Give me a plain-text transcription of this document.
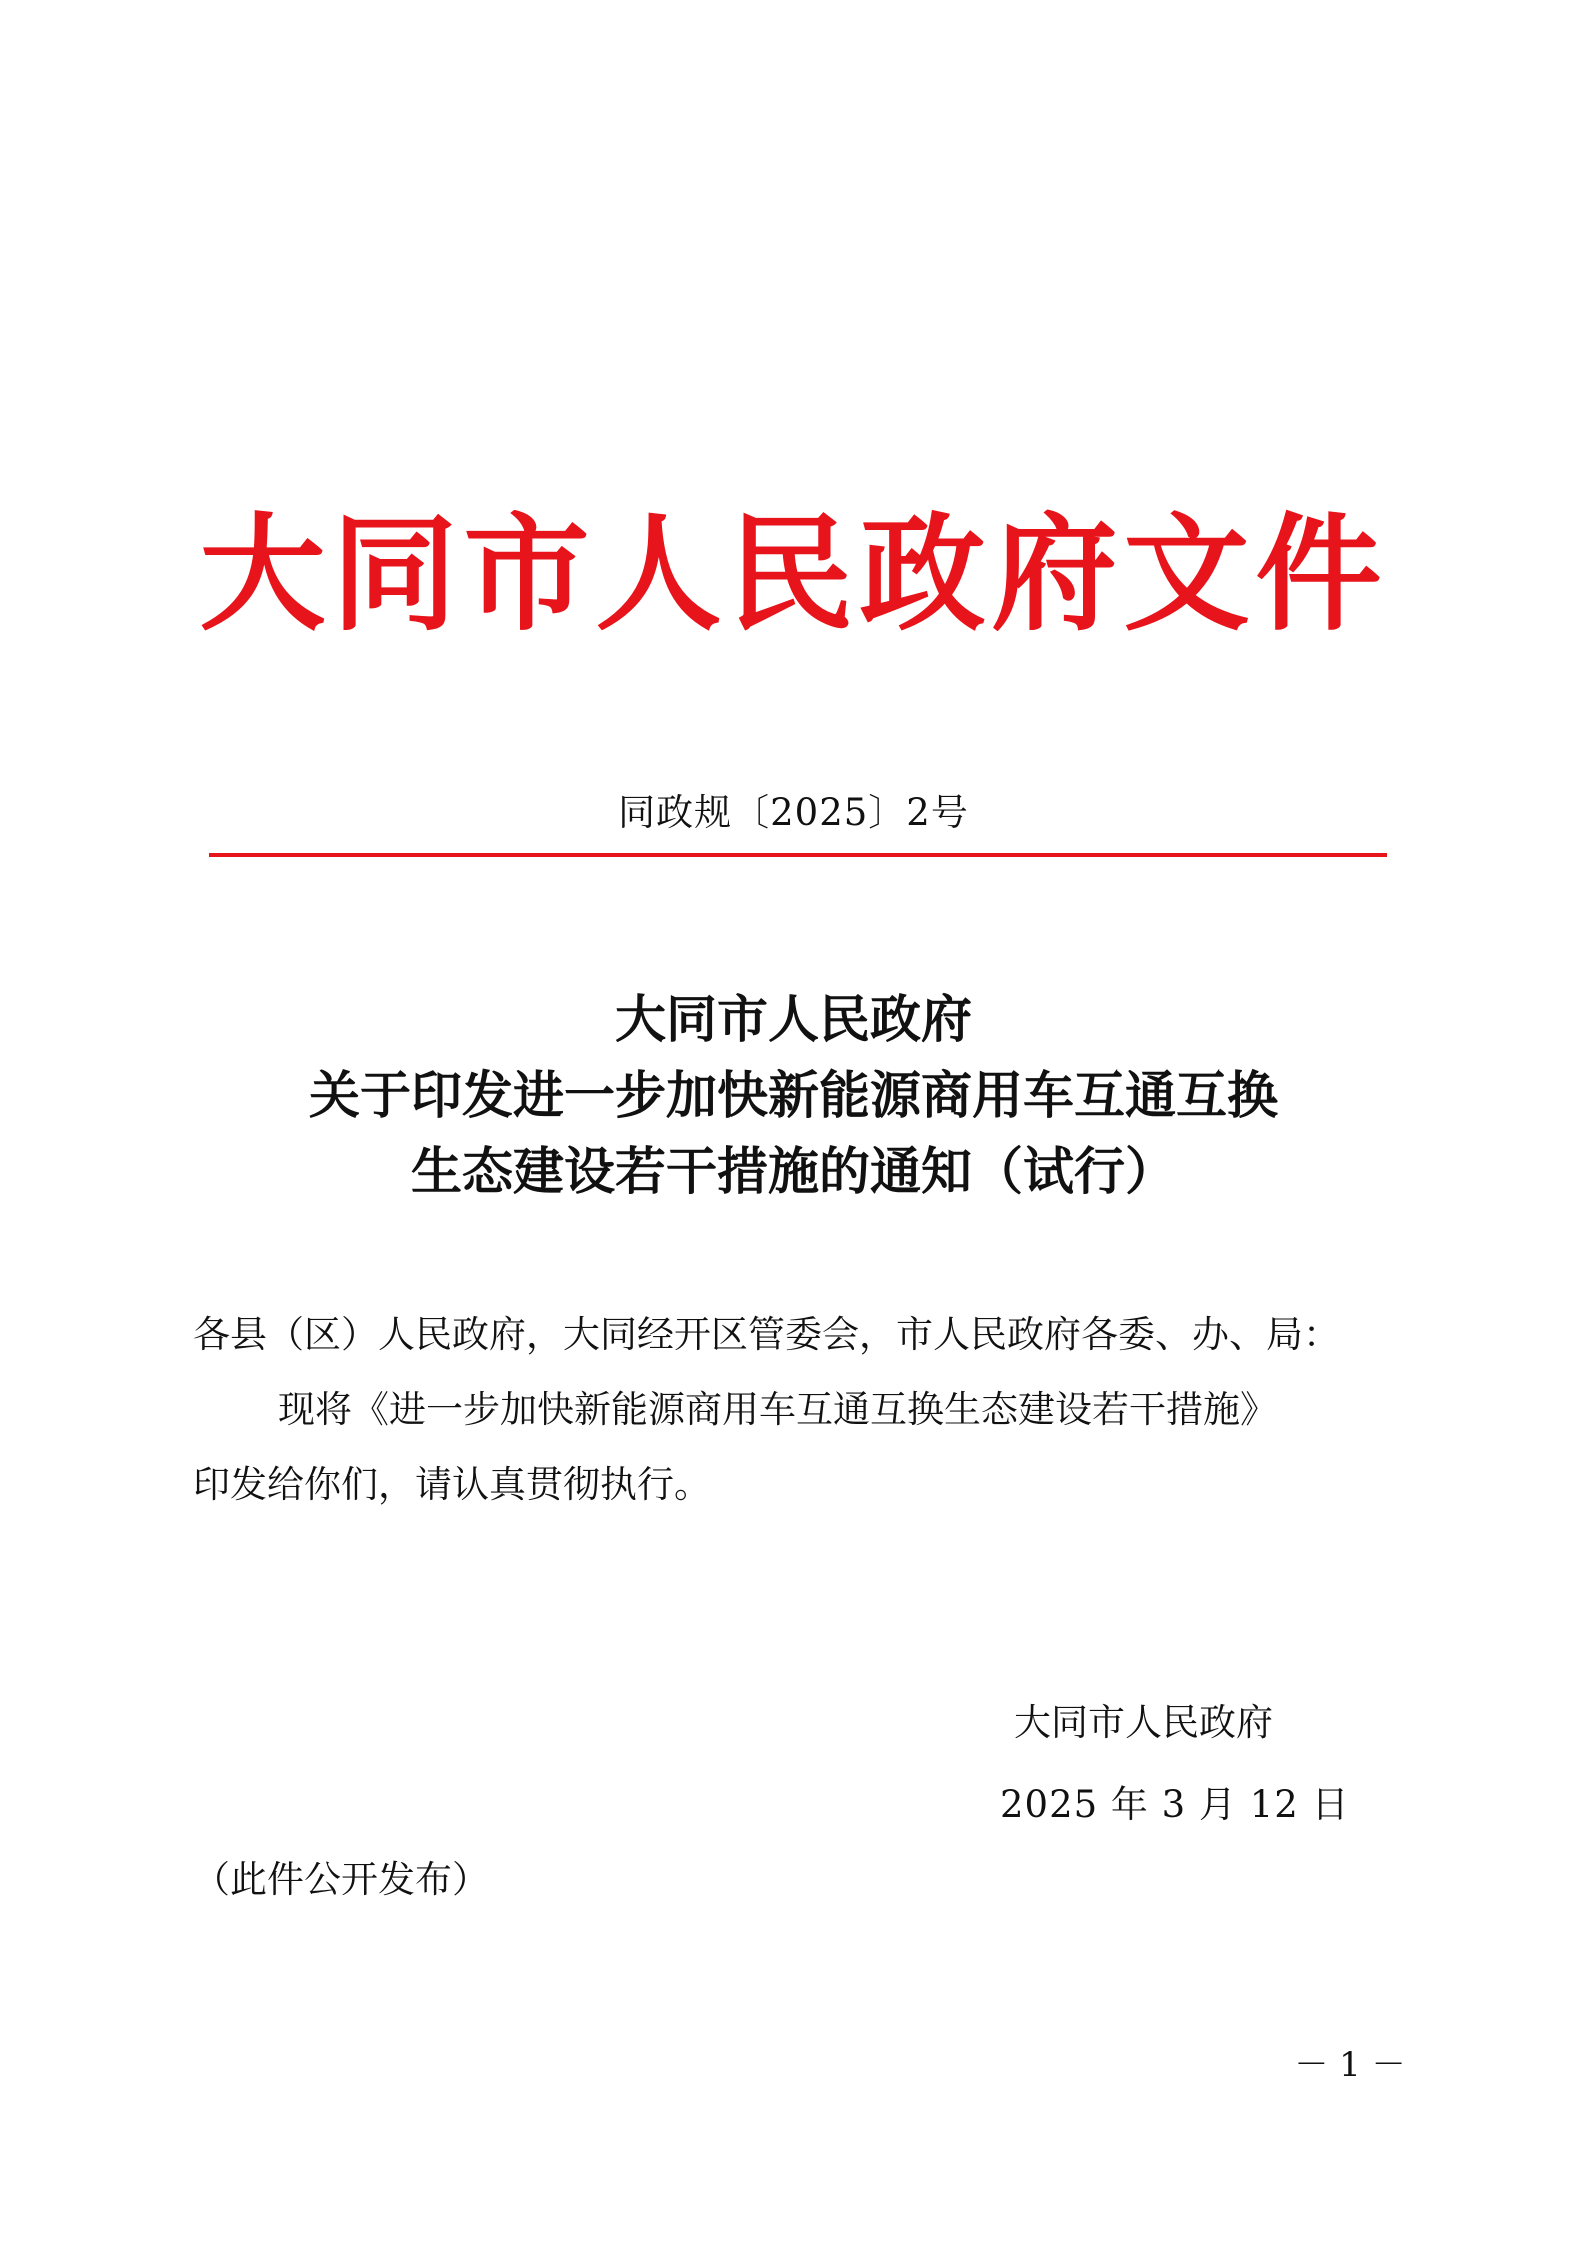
大同市人民政府文件
同政规〔2025〕2号
大同市人民政府
关于印发进一步加快新能源商用车互通互换
生态建设若干措施的通知（试行）
各县（区）人民政府，大同经开区管委会，市人民政府各委、办、局：
现将《进一步加快新能源商用车互通互换生态建设若干措施》
印发给你们，请认真贯彻执行。
大同市人民政府
2025 年 3 月 12 日
（此件公开发布）
－ 1 －
